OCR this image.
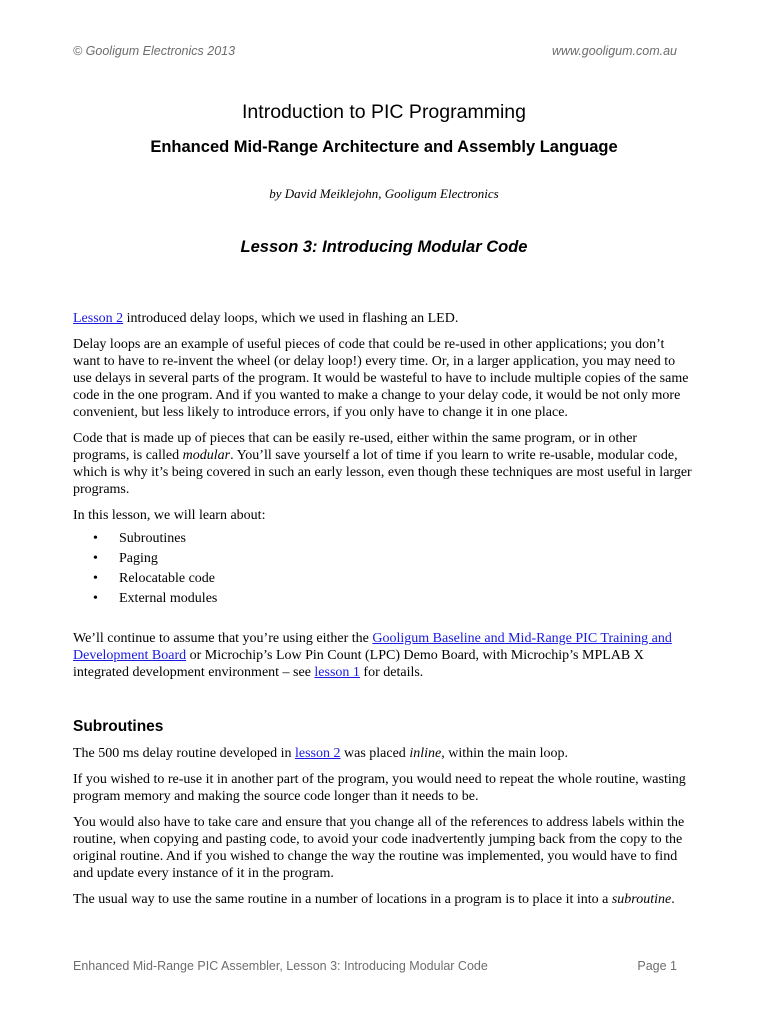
© Gooligum Electronics 2013	www.gooligum.com.au
Introduction to PIC Programming
Enhanced Mid-Range Architecture and Assembly Language
by David Meiklejohn, Gooligum Electronics
Lesson 3: Introducing Modular Code

Lesson 2 introduced delay loops, which we used in flashing an LED.

Delay loops are an example of useful pieces of code that could be re-used in other applications; you don’t want to have to re-invent the wheel (or delay loop!) every time. Or, in a larger application, you may need to use delays in several parts of the program. It would be wasteful to have to include multiple copies of the same code in the one program. And if you wanted to make a change to your delay code, it would be not only more convenient, but less likely to introduce errors, if you only have to change it in one place.

Code that is made up of pieces that can be easily re-used, either within the same program, or in other programs, is called modular. You’ll save yourself a lot of time if you learn to write re-usable, modular code, which is why it’s being covered in such an early lesson, even though these techniques are most useful in larger programs.

In this lesson, we will learn about:

• Subroutines
• Paging
• Relocatable code
• External modules

We’ll continue to assume that you’re using either the Gooligum Baseline and Mid-Range PIC Training and Development Board or Microchip’s Low Pin Count (LPC) Demo Board, with Microchip’s MPLAB X integrated development environment – see lesson 1 for details.

Subroutines

The 500 ms delay routine developed in lesson 2 was placed inline, within the main loop.

If you wished to re-use it in another part of the program, you would need to repeat the whole routine, wasting program memory and making the source code longer than it needs to be.

You would also have to take care and ensure that you change all of the references to address labels within the routine, when copying and pasting code, to avoid your code inadvertently jumping back from the copy to the original routine. And if you wished to change the way the routine was implemented, you would have to find and update every instance of it in the program.

The usual way to use the same routine in a number of locations in a program is to place it into a subroutine.

Enhanced Mid-Range PIC Assembler, Lesson 3: Introducing Modular Code	Page 1
